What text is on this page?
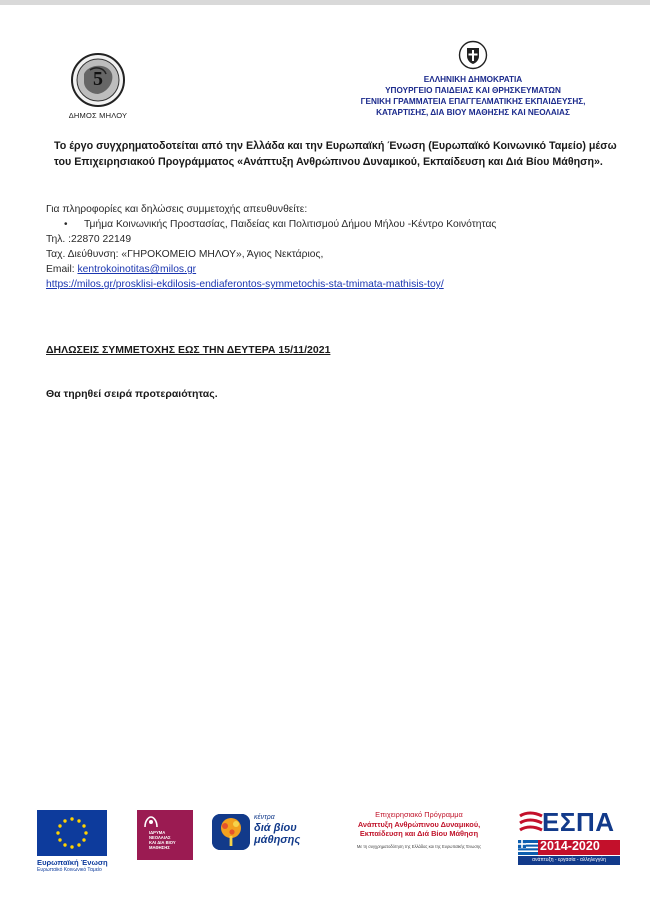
5
ΔΗΜΟΣ ΜΗΛΟΥ
ΕΛΛΗΝΙΚΗ ΔΗΜΟΚΡΑΤΙΑ
ΥΠΟΥΡΓΕΙΟ ΠΑΙΔΕΙΑΣ ΚΑΙ ΘΡΗΣΚΕΥΜΑΤΩΝ
ΓΕΝΙΚΗ ΓΡΑΜΜΑΤΕΙΑ ΕΠΑΓΓΕΛΜΑΤΙΚΗΣ ΕΚΠΑΙΔΕΥΣΗΣ,
ΚΑΤΑΡΤΙΣΗΣ, ΔΙΑ ΒΙΟΥ ΜΑΘΗΣΗΣ ΚΑΙ ΝΕΟΛΑΙΑΣ
Το έργο συγχρηματοδοτείται από την Ελλάδα και την Ευρωπαϊκή Ένωση (Ευρωπαϊκό Κοινωνικό Ταμείο) μέσω του Επιχειρησιακού Προγράμματος «Ανάπτυξη Ανθρώπινου Δυναμικού, Εκπαίδευση και Διά Βίου Μάθηση».
Για πληροφορίες και δηλώσεις συμμετοχής απευθυνθείτε:
•	Τμήμα Κοινωνικής Προστασίας, Παιδείας και Πολιτισμού Δήμου Μήλου -Κέντρο Κοινότητας
Τηλ. :22870 22149
Ταχ. Διεύθυνση: «ΓΗΡΟΚΟΜΕΙΟ ΜΗΛΟΥ», Άγιος Νεκτάριος,
Email: kentrokoinotitas@milos.gr
https://milos.gr/prosklisi-ekdilosis-endiaferontos-symmetochis-sta-tmimata-mathisis-toy/
ΔΗΛΩΣΕΙΣ ΣΥΜΜΕΤΟΧΗΣ ΕΩΣ ΤΗΝ ΔΕΥΤΕΡΑ 15/11/2021
Θα τηρηθεί σειρά προτεραιότητας.
Ευρωπαϊκή Ένωση
Ευρωπαϊκό Κοινωνικό Ταμείο
ΙΔΡΥΜΑ
ΝΕΟΛΑΙΑΣ
ΚΑΙ ΔΙΑ ΒΙΟΥ
ΜΑΘΗΣΗΣ
κέντρα
διά βίου
μάθησης
Επιχειρησιακό Πρόγραμμα
Ανάπτυξη Ανθρώπινου Δυναμικού,
Εκπαίδευση και Διά Βίου Μάθηση
Με τη συγχρηματοδότηση της Ελλάδας και της Ευρωπαϊκής Ένωσης
ΕΣΠΑ
2014-2020
ανάπτυξη - εργασία - αλληλεγγύη
